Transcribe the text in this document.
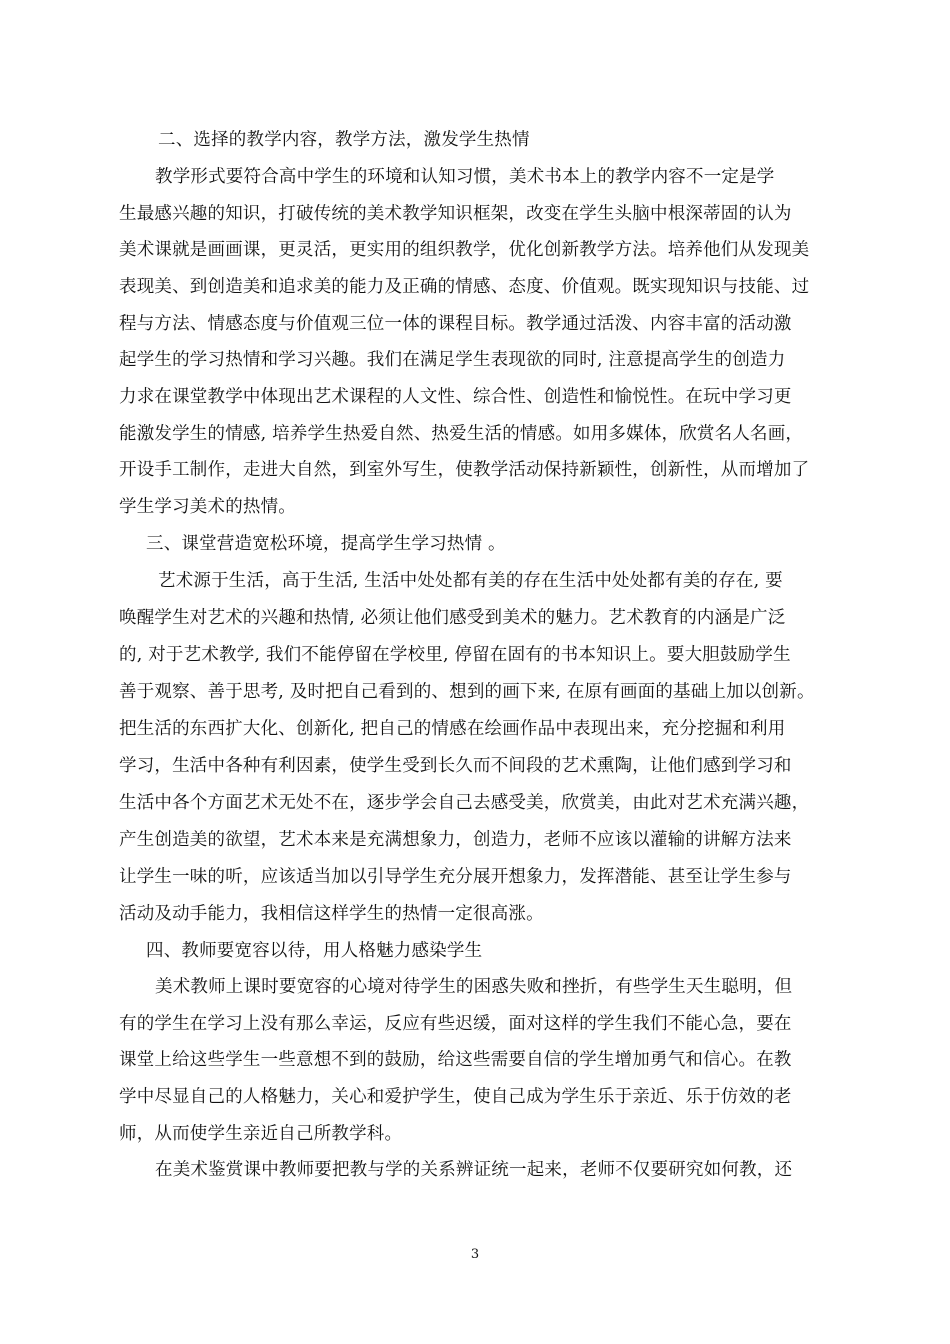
二、选择的教学内容，教学方法，激发学生热情
教学形式要符合高中学生的环境和认知习惯，美术书本上的教学内容不一定是学
生最感兴趣的知识，打破传统的美术教学知识框架，改变在学生头脑中根深蒂固的认为
美术课就是画画课，更灵活，更实用的组织教学，优化创新教学方法。培养他们从发现美
表现美、到创造美和追求美的能力及正确的情感、态度、价值观。既实现知识与技能、过
程与方法、情感态度与价值观三位一体的课程目标。教学通过活泼、内容丰富的活动激
起学生的学习热情和学习兴趣。我们在满足学生表现欲的同时, 注意提高学生的创造力
力求在课堂教学中体现出艺术课程的人文性、综合性、创造性和愉悦性。在玩中学习更
能激发学生的情感, 培养学生热爱自然、热爱生活的情感。如用多媒体，欣赏名人名画，
开设手工制作，走进大自然，到室外写生，使教学活动保持新颖性，创新性，从而增加了
学生学习美术的热情。
三、课堂营造宽松环境，提高学生学习热情 。
艺术源于生活，高于生活, 生活中处处都有美的存在生活中处处都有美的存在, 要
唤醒学生对艺术的兴趣和热情, 必须让他们感受到美术的魅力。艺术教育的内涵是广泛
的, 对于艺术教学, 我们不能停留在学校里, 停留在固有的书本知识上。要大胆鼓励学生
善于观察、善于思考, 及时把自己看到的、想到的画下来, 在原有画面的基础上加以创新。
把生活的东西扩大化、创新化, 把自己的情感在绘画作品中表现出来，充分挖掘和利用
学习，生活中各种有利因素，使学生受到长久而不间段的艺术熏陶，让他们感到学习和
生活中各个方面艺术无处不在，逐步学会自己去感受美，欣赏美，由此对艺术充满兴趣，
产生创造美的欲望，艺术本来是充满想象力，创造力，老师不应该以灌输的讲解方法来
让学生一味的听，应该适当加以引导学生充分展开想象力，发挥潜能、甚至让学生参与
活动及动手能力，我相信这样学生的热情一定很高涨。
四、教师要宽容以待，用人格魅力感染学生
美术教师上课时要宽容的心境对待学生的困惑失败和挫折，有些学生天生聪明，但
有的学生在学习上没有那么幸运，反应有些迟缓，面对这样的学生我们不能心急，要在
课堂上给这些学生一些意想不到的鼓励，给这些需要自信的学生增加勇气和信心。在教
学中尽显自己的人格魅力，关心和爱护学生，使自己成为学生乐于亲近、乐于仿效的老
师，从而使学生亲近自己所教学科。
在美术鉴赏课中教师要把教与学的关系辨证统一起来，老师不仅要研究如何教，还
3
